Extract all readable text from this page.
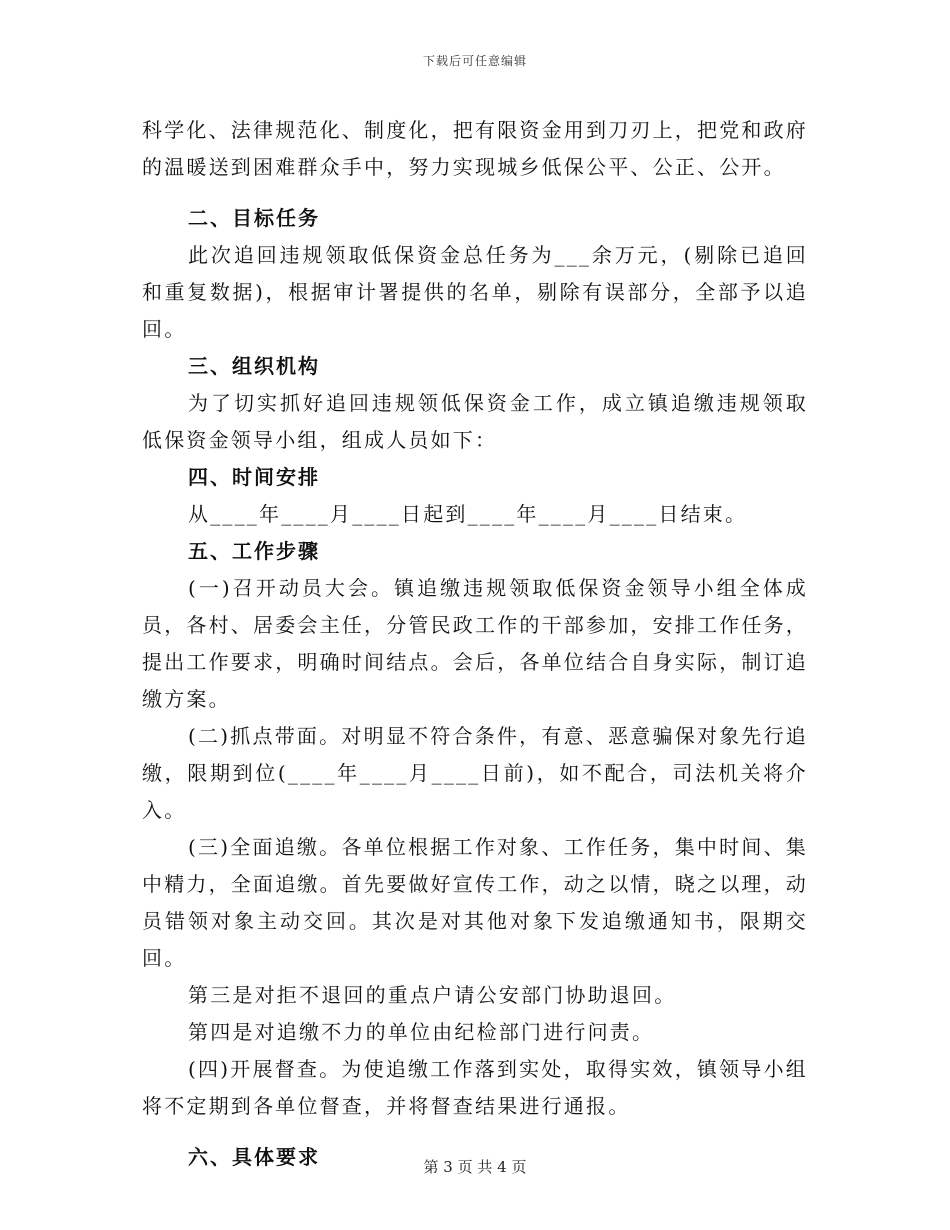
下载后可任意编辑

科学化、法律规范化、制度化，把有限资金用到刀刃上，把党和政府的温暖送到困难群众手中，努力实现城乡低保公平、公正、公开。

二、目标任务

此次追回违规领取低保资金总任务为___余万元，(剔除已追回和重复数据)，根据审计署提供的名单，剔除有误部分，全部予以追回。

三、组织机构

为了切实抓好追回违规领低保资金工作，成立镇追缴违规领取低保资金领导小组，组成人员如下：

四、时间安排

从____年____月____日起到____年____月____日结束。

五、工作步骤

(一)召开动员大会。镇追缴违规领取低保资金领导小组全体成员，各村、居委会主任，分管民政工作的干部参加，安排工作任务，提出工作要求，明确时间结点。会后，各单位结合自身实际，制订追缴方案。

(二)抓点带面。对明显不符合条件，有意、恶意骗保对象先行追缴，限期到位(____年____月____日前)，如不配合，司法机关将介入。

(三)全面追缴。各单位根据工作对象、工作任务，集中时间、集中精力，全面追缴。首先要做好宣传工作，动之以情，晓之以理，动员错领对象主动交回。其次是对其他对象下发追缴通知书，限期交回。

第三是对拒不退回的重点户请公安部门协助退回。

第四是对追缴不力的单位由纪检部门进行问责。

(四)开展督查。为使追缴工作落到实处，取得实效，镇领导小组将不定期到各单位督查，并将督查结果进行通报。

六、具体要求	第 3 页 共 4 页
